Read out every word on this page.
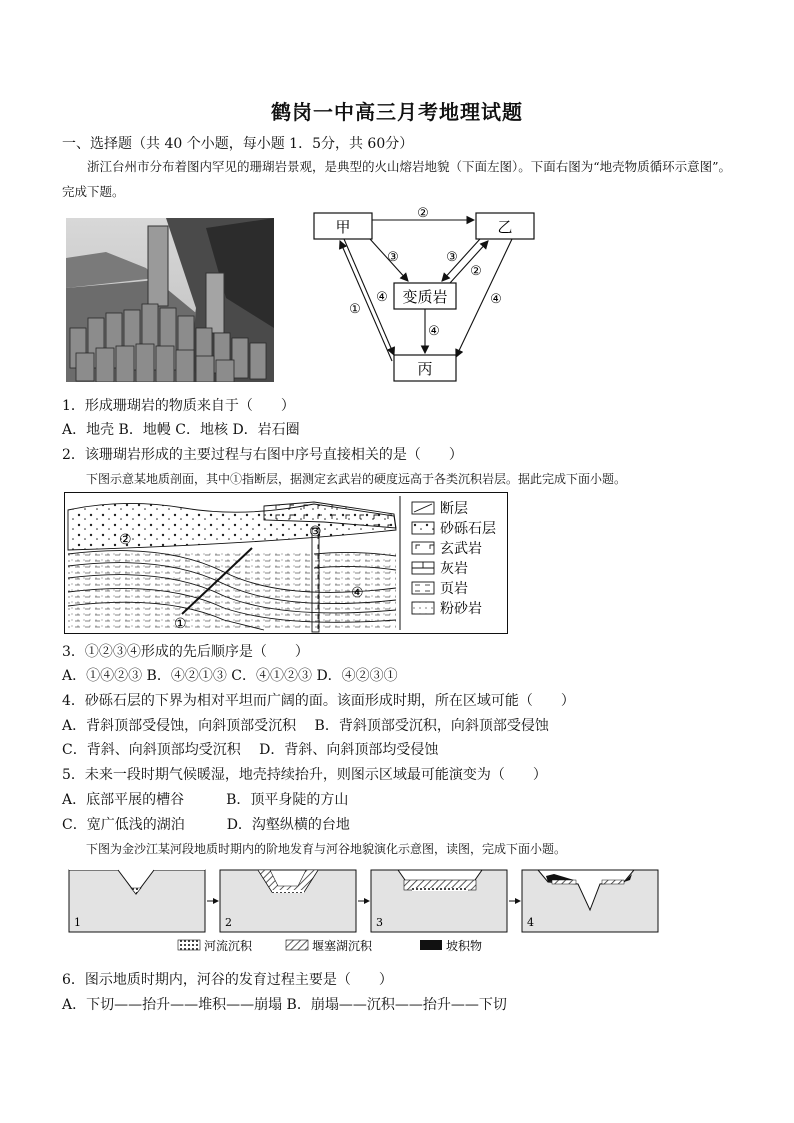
鹤岗一中高三月考地理试题
一、选择题（共 40 个小题，每小题 1．5分，共 60分）
浙江台州市分布着图内罕见的珊瑚岩景观，是典型的火山熔岩地貌（下面左图）。下面右图为“地壳物质循环示意图”。完成下题。
甲	乙
变质岩
丙
②
③	③
②
④
①
④
④
1．形成珊瑚岩的物质来自于（　　）
A．地壳 B．地幔 C．地核 D．岩石圈
2．该珊瑚岩形成的主要过程与右图中序号直接相关的是（　　）
下图示意某地质剖面，其中①指断层，据测定玄武岩的硬度远高于各类沉积岩层。据此完成下面小题。
②	③
④
①
断层
砂砾石层
玄武岩
灰岩
页岩
粉砂岩
3．①②③④形成的先后顺序是（　　）
A．①④②③ B．④②①③ C．④①②③ D．④②③①
4．砂砾石层的下界为相对平坦而广阔的面。该面形成时期，所在区域可能（　　）
A．背斜顶部受侵蚀，向斜顶部受沉积　 B．背斜顶部受沉积，向斜顶部受侵蚀
C．背斜、向斜顶部均受沉积　 D．背斜、向斜顶部均受侵蚀
5．未来一段时期气候暖湿，地壳持续抬升，则图示区域最可能演变为（　　）
A．底部平展的槽谷　　　B．顶平身陡的方山
C．宽广低浅的湖泊　　　D．沟壑纵横的台地
下图为金沙江某河段地质时期内的阶地发育与河谷地貌演化示意图，读图，完成下面小题。
1	2	3	4
河流沉积	堰塞湖沉积	坡积物
6．图示地质时期内，河谷的发育过程主要是（　　）
A．下切——抬升——堆积——崩塌 B．崩塌——沉积——抬升——下切
